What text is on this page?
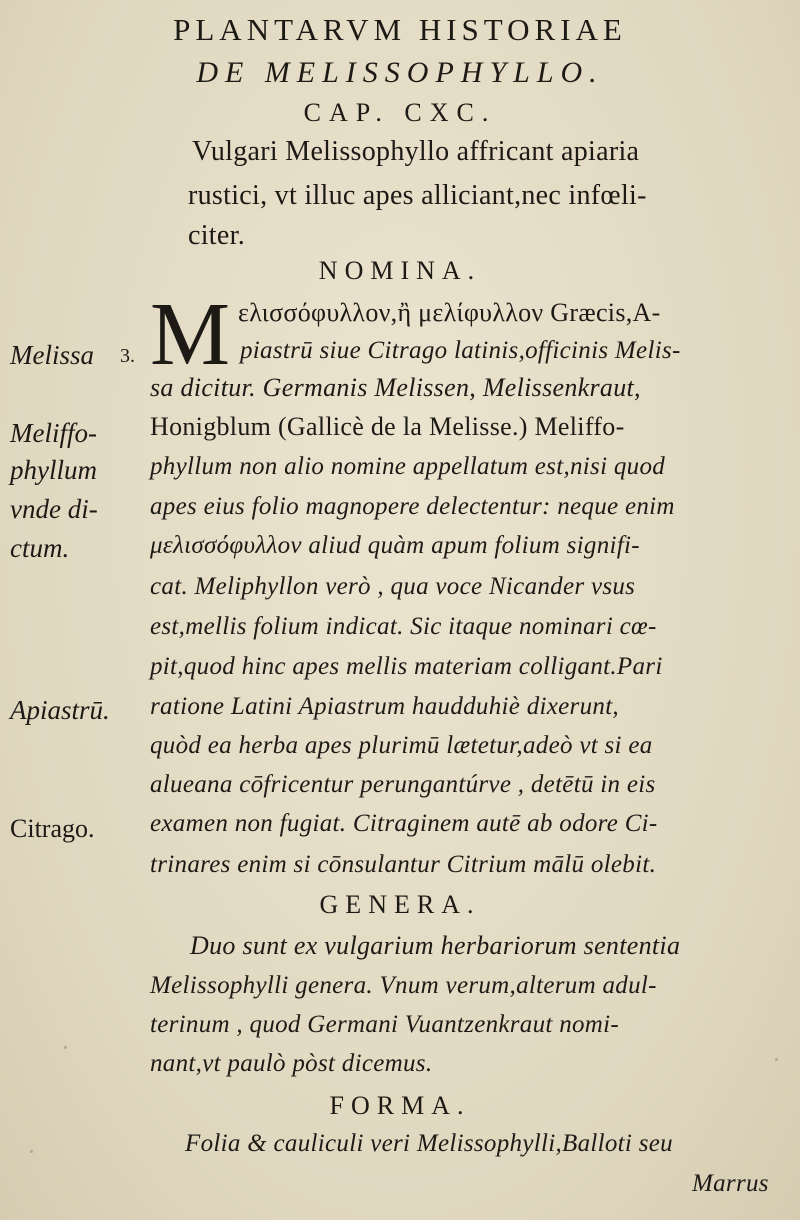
PLANTARVM HISTORIAE
DE MELISSOPHYLLO.
CAP. CXC.
Vulgari Melissophyllo affricant apiaria
rustici, vt illuc apes alliciant,nec infœli-
citer.
NOMINA.
M ελισσόφυλλον,ἢ μελίφυλλον Græcis,A-
piastrū siue Citrago latinis,officinis Melis-
sa dicitur. Germanis Melissen, Melissenkraut,
Honigblum (Gallicè de la Melisse.) Meliffo-
phyllum non alio nomine appellatum est,nisi quod
apes eius folio magnopere delectentur: neque enim
μελισσόφυλλον aliud quàm apum folium signifi-
cat. Meliphyllon verò , qua voce Nicander vsus
est,mellis folium indicat. Sic itaque nominari cœ-
pit,quod hinc apes mellis materiam colligant.Pari
ratione Latini Apiastrum haudduhiè dixerunt,
quòd ea herba apes plurimū lætetur,adeò vt si ea
alueana cōfricentur perungantúrve , detētū in eis
examen non fugiat. Citraginem autē ab odore Ci-
trinares enim si cōnsulantur Citrium mālū olebit.
Melissa 3.
Meliffo-
phyllum
vnde di-
ctum.
Apiastrū.
Citrago.
GENERA.
Duo sunt ex vulgarium herbariorum sententia
Melissophylli genera. Vnum verum,alterum adul-
terinum , quod Germani Vuantzenkraut nomi-
nant,vt paulò pòst dicemus.
FORMA.
Folia & cauliculi veri Melissophylli,Balloti seu
Marrus
